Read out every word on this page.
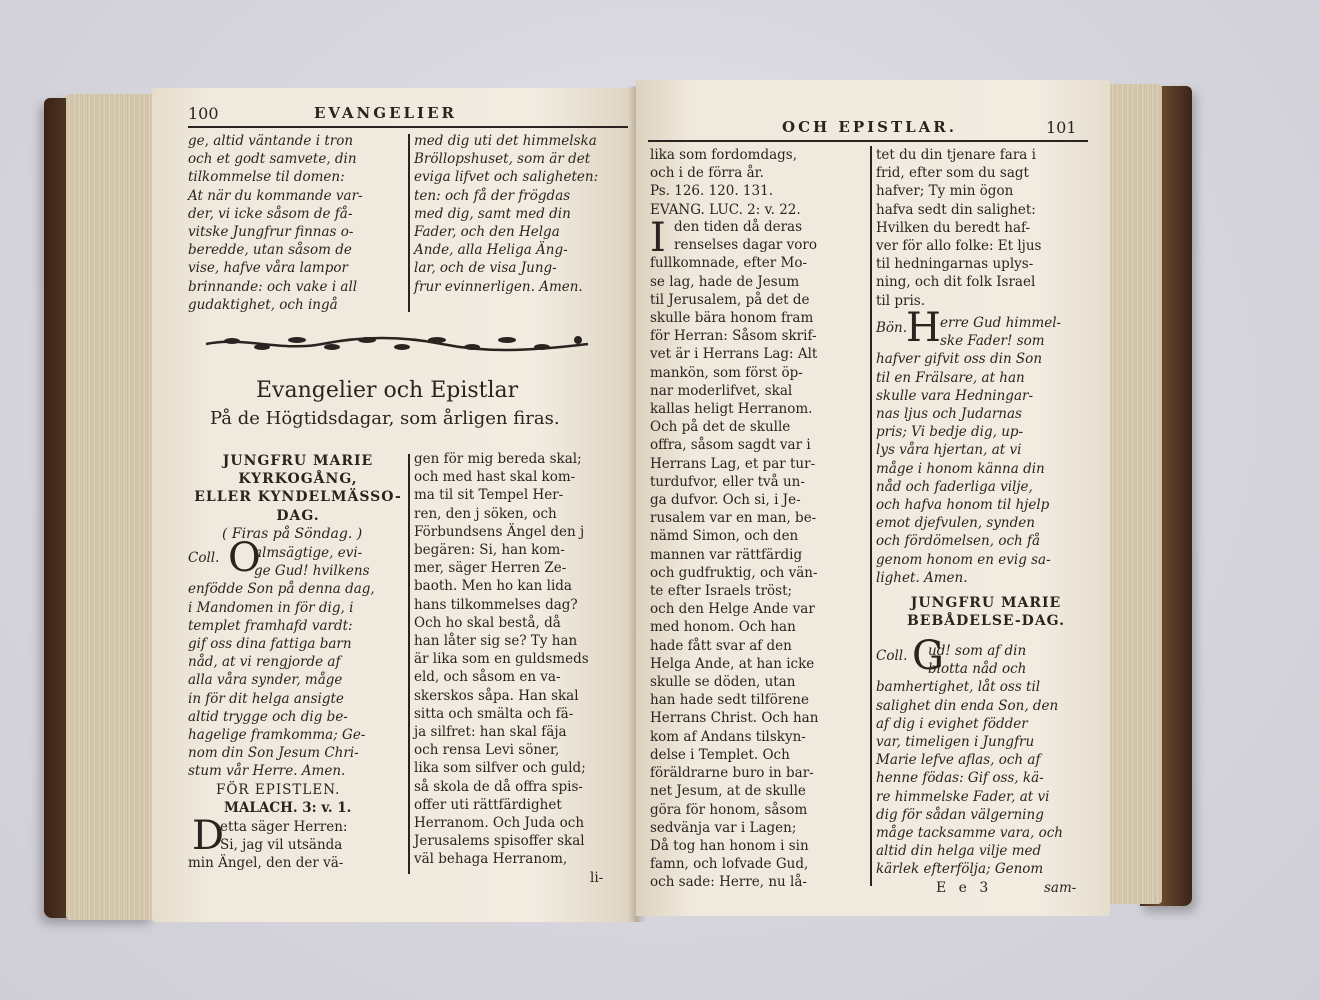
100	EVANGELIER
ge, altid väntande i tron
och et godt samvete, din
tilkommelse til domen:
At när du kommande var-
der, vi icke såsom de få-
vitske Jungfrur finnas o-
beredde, utan såsom de
vise, hafve våra lampor
brinnande: och vake i all
gudaktighet, och ingå
med dig uti det himmelska
Bröllopshuset, som är det
eviga lifvet och saligheten:
ten: och få der frögdas
med dig, samt med din
Fader, och den Helga
Ande, alla Heliga Äng-
lar, och de visa Jung-
frur evinnerligen. Amen.
Evangelier och Epistlar
På de Högtidsdagar, som årligen firas.
JUNGFRU MARIE
KYRKOGÅNG,
ELLER KYNDELMÄSSO-
DAG.
( Firas på Söndag. )
Coll. O
almsägtige, evi-
ge Gud! hvilkens
enfödde Son på denna dag,
i Mandomen in för dig, i
templet framhafd vardt:
gif oss dina fattiga barn
nåd, at vi rengjorde af
alla våra synder, måge
in för dit helga ansigte
altid trygge och dig be-
hagelige framkomma; Ge-
nom din Son Jesum Chri-
stum vår Herre. Amen.
FÖR EPISTLEN.
MALACH. 3: v. 1.
D
etta säger Herren:
Si, jag vil utsända
min Ängel, den der vä-
gen för mig bereda skal;
och med hast skal kom-
ma til sit Tempel Her-
ren, den j söken, och
Förbundsens Ängel den j
begären: Si, han kom-
mer, säger Herren Ze-
baoth. Men ho kan lida
hans tilkommelses dag?
Och ho skal bestå, då
han låter sig se? Ty han
är lika som en guldsmeds
eld, och såsom en va-
skerskos såpa. Han skal
sitta och smälta och fä-
ja silfret: han skal fäja
och rensa Levi söner,
lika som silfver och guld;
så skola de då offra spis-
offer uti rättfärdighet
Herranom. Och Juda och
Jerusalems spisoffer skal
väl behaga Herranom,
li-
OCH EPISTLAR.	101
lika som fordomdags,
och i de förra år.
Ps. 126. 120. 131.
EVANG. LUC. 2: v. 22.
I den tiden då deras
renselses dagar voro
fullkomnade, efter Mo-
se lag, hade de Jesum
til Jerusalem, på det de
skulle bära honom fram
för Herran: Såsom skrif-
vet är i Herrans Lag: Alt
mankön, som först öp-
nar moderlifvet, skal
kallas heligt Herranom.
Och på det de skulle
offra, såsom sagdt var i
Herrans Lag, et par tur-
turdufvor, eller två un-
ga dufvor. Och si, i Je-
rusalem var en man, be-
nämd Simon, och den
mannen var rättfärdig
och gudfruktig, och vän-
te efter Israels tröst;
och den Helge Ande var
med honom. Och han
hade fått svar af den
Helga Ande, at han icke
skulle se döden, utan
han hade sedt tilförene
Herrans Christ. Och han
kom af Andans tilskyn-
delse i Templet. Och
föräldrarne buro in bar-
net Jesum, at de skulle
göra för honom, såsom
sedvänja var i Lagen;
Då tog han honom i sin
famn, och lofvade Gud,
och sade: Herre, nu lå-
tet du din tjenare fara i
frid, efter som du sagt
hafver; Ty min ögon
hafva sedt din salighet:
Hvilken du beredt haf-
ver för allo folke: Et ljus
til hedningarnas uplys-
ning, och dit folk Israel
til pris.
Bön.
H erre Gud himmel-
ske Fader! som
hafver gifvit oss din Son
til en Frälsare, at han
skulle vara Hedningar-
nas ljus och Judarnas
pris; Vi bedje dig, up-
lys våra hjertan, at vi
måge i honom känna din
nåd och faderliga vilje,
och hafva honom til hjelp
emot djefvulen, synden
och fördömelsen, och få
genom honom en evig sa-
lighet. Amen.
JUNGFRU MARIE
BEBÅDELSE-DAG.
Coll. G
ud! som af din
blotta nåd och
bamhertighet, låt oss til
salighet din enda Son, den
af dig i evighet födder
var, timeligen i Jungfru
Marie lefve aflas, och af
henne födas: Gif oss, kä-
re himmelske Fader, at vi
dig för sådan välgerning
måge tacksamme vara, och
altid din helga vilje med
kärlek efterfölja; Genom
E e 3	sam-
